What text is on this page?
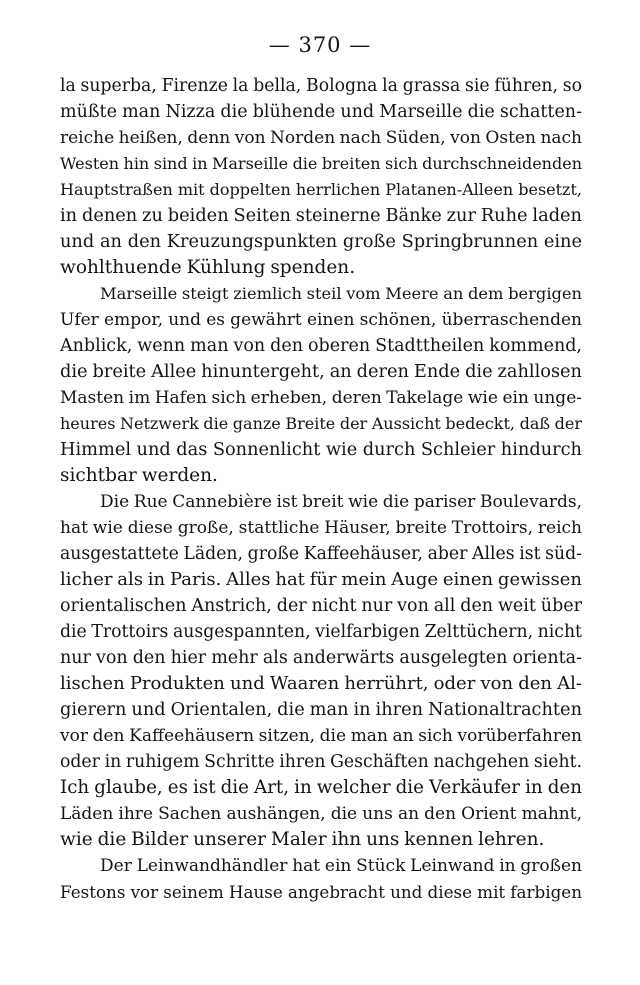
— 370 —
la superba, Firenze la bella, Bologna la grassa sie führen, so
müßte man Nizza die blühende und Marseille die schatten-
reiche heißen, denn von Norden nach Süden, von Osten nach
Westen hin sind in Marseille die breiten sich durchschneidenden
Hauptstraßen mit doppelten herrlichen Platanen-Alleen besetzt,
in denen zu beiden Seiten steinerne Bänke zur Ruhe laden
und an den Kreuzungspunkten große Springbrunnen eine
wohlthuende Kühlung spenden.
Marseille steigt ziemlich steil vom Meere an dem bergigen
Ufer empor, und es gewährt einen schönen, überraschenden
Anblick, wenn man von den oberen Stadttheilen kommend,
die breite Allee hinuntergeht, an deren Ende die zahllosen
Masten im Hafen sich erheben, deren Takelage wie ein unge-
heures Netzwerk die ganze Breite der Aussicht bedeckt, daß der
Himmel und das Sonnenlicht wie durch Schleier hindurch
sichtbar werden.
Die Rue Cannebière ist breit wie die pariser Boulevards,
hat wie diese große, stattliche Häuser, breite Trottoirs, reich
ausgestattete Läden, große Kaffeehäuser, aber Alles ist süd-
licher als in Paris. Alles hat für mein Auge einen gewissen
orientalischen Anstrich, der nicht nur von all den weit über
die Trottoirs ausgespannten, vielfarbigen Zelttüchern, nicht
nur von den hier mehr als anderwärts ausgelegten orienta-
lischen Produkten und Waaren herrührt, oder von den Al-
gierern und Orientalen, die man in ihren Nationaltrachten
vor den Kaffeehäusern sitzen, die man an sich vorüberfahren
oder in ruhigem Schritte ihren Geschäften nachgehen sieht.
Ich glaube, es ist die Art, in welcher die Verkäufer in den
Läden ihre Sachen aushängen, die uns an den Orient mahnt,
wie die Bilder unserer Maler ihn uns kennen lehren.
Der Leinwandhändler hat ein Stück Leinwand in großen
Festons vor seinem Hause angebracht und diese mit farbigen
